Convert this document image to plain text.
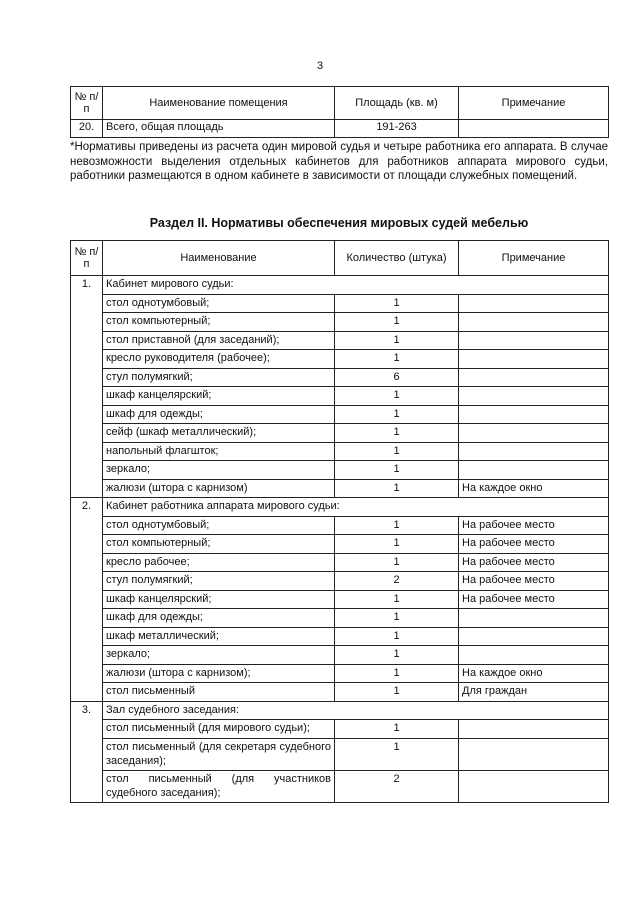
3
№ п/п	Наименование помещения	Площадь (кв. м)	Примечание
20.	Всего, общая площадь	191-263	
*Нормативы приведены из расчета один мировой судья и четыре работника его аппарата. В случае невозможности выделения отдельных кабинетов для работников аппарата мирового судьи, работники размещаются в одном кабинете в зависимости от площади служебных помещений.
Раздел II. Нормативы обеспечения мировых судей мебелью
№ п/п	Наименование	Количество (штука)	Примечание
1.	Кабинет мирового судьи:		
	стол однотумбовый;	1	
	стол компьютерный;	1	
	стол приставной (для заседаний);	1	
	кресло руководителя (рабочее);	1	
	стул полумягкий;	6	
	шкаф канцелярский;	1	
	шкаф для одежды;	1	
	сейф (шкаф металлический);	1	
	напольный флагшток;	1	
	зеркало;	1	
	жалюзи (штора с карнизом)	1	На каждое окно
2.	Кабинет работника аппарата мирового судьи:		
	стол однотумбовый;	1	На рабочее место
	стол компьютерный;	1	На рабочее место
	кресло рабочее;	1	На рабочее место
	стул полумягкий;	2	На рабочее место
	шкаф канцелярский;	1	На рабочее место
	шкаф для одежды;	1	
	шкаф металлический;	1	
	зеркало;	1	
	жалюзи (штора с карнизом);	1	На каждое окно
	стол письменный	1	Для граждан
3.	Зал судебного заседания:		
	стол письменный (для мирового судьи);	1	
	стол письменный (для секретаря судебного заседания);	1	
	стол письменный (для участников судебного заседания);	2	
